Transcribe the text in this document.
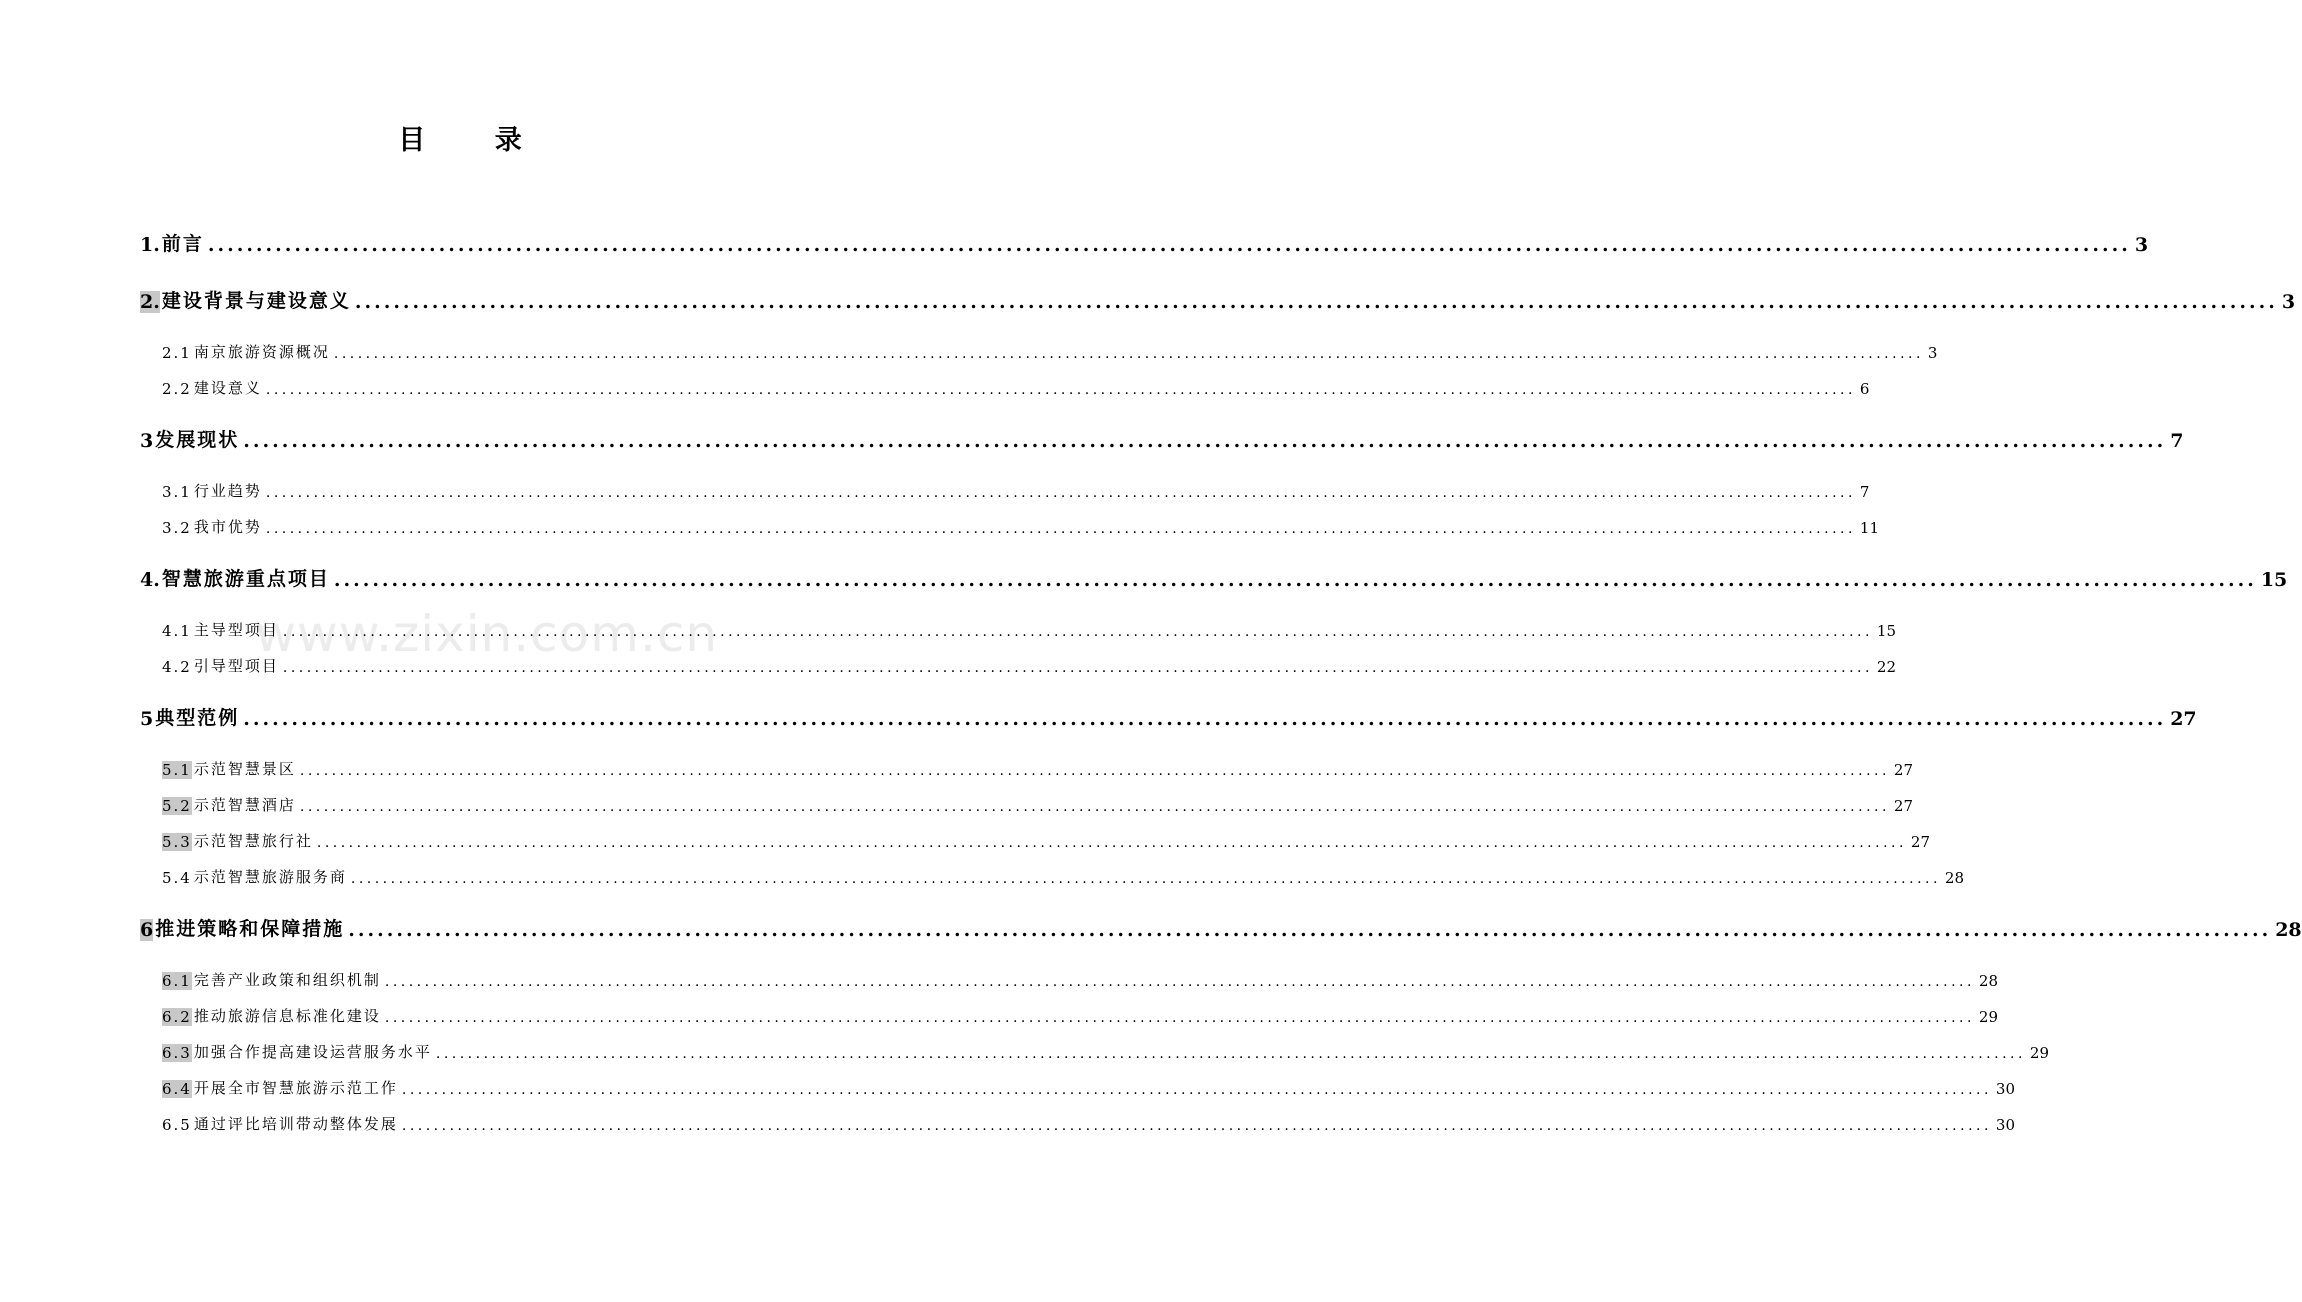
目 录
www.zixin.com.cn
1. 前言 ........................................................................................................................................................................................................ 3
2. 建设背景与建设意义 ........................................................................................................................................................................................................ 3
2.1 南京旅游资源概况 ........................................................................................................................................................................................................ 3
2.2 建设意义 ........................................................................................................................................................................................................ 6
3 发展现状 ........................................................................................................................................................................................................ 7
3.1 行业趋势 ........................................................................................................................................................................................................ 7
3.2 我市优势 ........................................................................................................................................................................................................ 11
4. 智慧旅游重点项目 ........................................................................................................................................................................................................ 15
4.1 主导型项目 ........................................................................................................................................................................................................ 15
4.2 引导型项目 ........................................................................................................................................................................................................ 22
5 典型范例 ........................................................................................................................................................................................................ 27
5.1 示范智慧景区 ........................................................................................................................................................................................................ 27
5.2 示范智慧酒店 ........................................................................................................................................................................................................ 27
5.3 示范智慧旅行社 ........................................................................................................................................................................................................ 27
5.4 示范智慧旅游服务商 ........................................................................................................................................................................................................ 28
6 推进策略和保障措施 ........................................................................................................................................................................................................ 28
6.1 完善产业政策和组织机制 ........................................................................................................................................................................................................ 28
6.2 推动旅游信息标准化建设 ........................................................................................................................................................................................................ 29
6.3 加强合作提高建设运营服务水平 ........................................................................................................................................................................................................ 29
6.4 开展全市智慧旅游示范工作 ........................................................................................................................................................................................................ 30
6.5 通过评比培训带动整体发展 ........................................................................................................................................................................................................ 30
